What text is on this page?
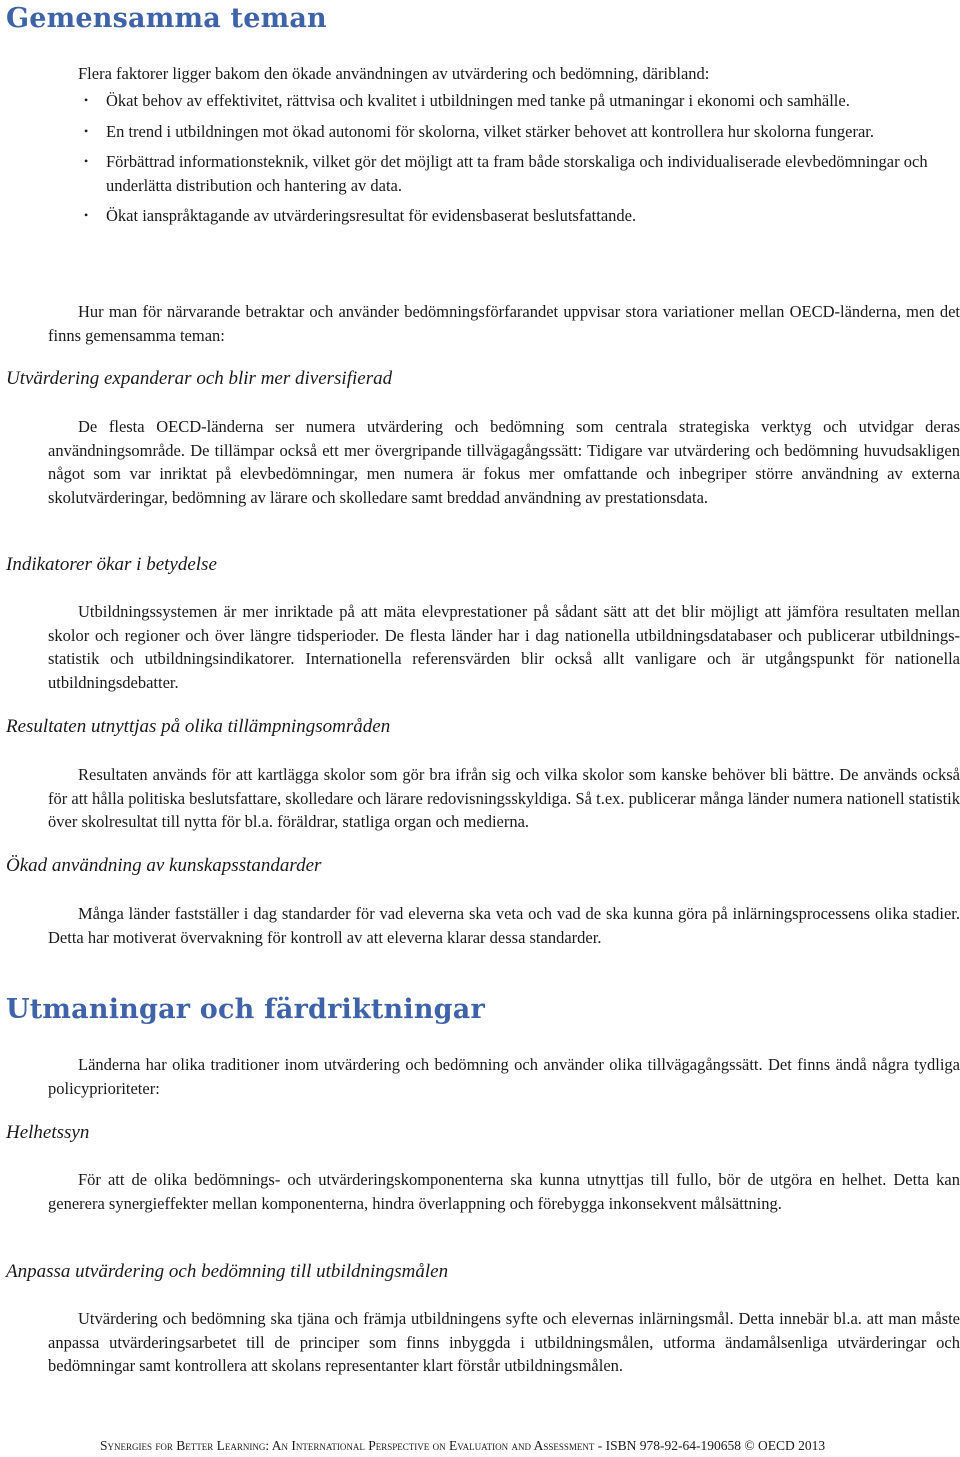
Gemensamma teman

Flera faktorer ligger bakom den ökade användningen av utvärdering och bedömning, däribland:

• Ökat behov av effektivitet, rättvisa och kvalitet i utbildningen med tanke på utmaningar i ekonomi och samhälle.
• En trend i utbildningen mot ökad autonomi för skolorna, vilket stärker behovet att kontrollera hur skolorna fungerar.
• Förbättrad informationsteknik, vilket gör det möjligt att ta fram både storskaliga och individualiserade elevbedömningar och underlätta distribution och hantering av data.
• Ökat ianspråktagande av utvärderingsresultat för evidensbaserat beslutsfattande.

Hur man för närvarande betraktar och använder bedömningsförfarandet uppvisar stora variationer mellan OECD-länderna, men det finns gemensamma teman:

Utvärdering expanderar och blir mer diversifierad

De flesta OECD-länderna ser numera utvärdering och bedömning som centrala strategiska verktyg och utvidgar deras användningsområde. De tillämpar också ett mer övergripande tillvägagångssätt: Tidigare var utvärdering och bedömning huvudsakligen något som var inriktat på elevbedömningar, men numera är fokus mer omfattande och inbegriper större användning av externa skolutvärderingar, bedömning av lärare och skolledare samt breddad användning av prestationsdata.

Indikatorer ökar i betydelse

Utbildningssystemen är mer inriktade på att mäta elevprestationer på sådant sätt att det blir möjligt att jämföra resultaten mellan skolor och regioner och över längre tidsperioder. De flesta länder har i dag nationella utbildningsdatabaser och publicerar utbildnings-statistik och utbildningsindikatorer. Internationella referensvärden blir också allt vanligare och är utgångspunkt för nationella utbildningsdebatter.

Resultaten utnyttjas på olika tillämpningsområden

Resultaten används för att kartlägga skolor som gör bra ifrån sig och vilka skolor som kanske behöver bli bättre. De används också för att hålla politiska beslutsfattare, skolledare och lärare redovisningsskyldiga. Så t.ex. publicerar många länder numera nationell statistik över skolresultat till nytta för bl.a. föräldrar, statliga organ och medierna.

Ökad användning av kunskapsstandarder

Många länder fastställer i dag standarder för vad eleverna ska veta och vad de ska kunna göra på inlärningsprocessens olika stadier. Detta har motiverat övervakning för kontroll av att eleverna klarar dessa standarder.

Utmaningar och färdriktningar

Länderna har olika traditioner inom utvärdering och bedömning och använder olika tillvägagångssätt. Det finns ändå några tydliga policyprioriteter:

Helhetssyn

För att de olika bedömnings- och utvärderingskomponenterna ska kunna utnyttjas till fullo, bör de utgöra en helhet. Detta kan generera synergieffekter mellan komponenterna, hindra överlappning och förebygga inkonsekvent målsättning.

Anpassa utvärdering och bedömning till utbildningsmålen

Utvärdering och bedömning ska tjäna och främja utbildningens syfte och elevernas inlärningsmål. Detta innebär bl.a. att man måste anpassa utvärderingsarbetet till de principer som finns inbyggda i utbildningsmålen, utforma ändamålsenliga utvärderingar och bedömningar samt kontrollera att skolans representanter klart förstår utbildningsmålen.

Synergies for Better Learning: An International Perspective on Evaluation and Assessment - ISBN 978-92-64-190658 © OECD 2013
